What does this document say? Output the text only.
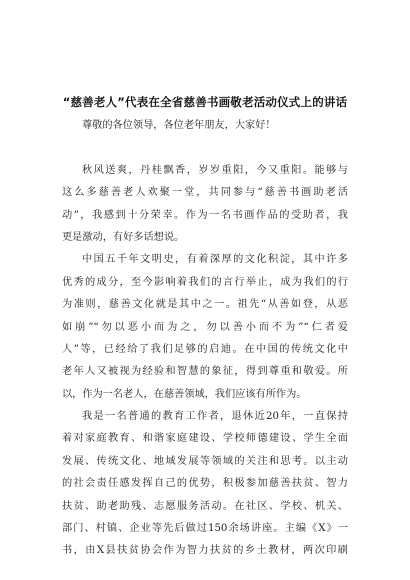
“慈善老人”代表在全省慈善书画敬老活动仪式上的讲话
尊敬的各位领导，各位老年朋友，大家好！
秋风送爽，丹桂飘香，岁岁重阳，今又重阳。能够与
这么多慈善老人欢聚一堂，共同参与“慈善书画助老活
动”，我感到十分荣幸。作为一名书画作品的受助者，我
更是激动，有好多话想说。
中国五千年文明史，有着深厚的文化积淀，其中许多
优秀的成分，至今影响着我们的言行举止，成为我们的行
为准则，慈善文化就是其中之一。祖先“从善如登，从恶
如崩”“勿以恶小而为之，勿以善小而不为”“仁者爱
人”等，已经给了我们足够的启迪。在中国的传统文化中
老年人又被视为经验和智慧的象征，得到尊重和敬爱。所
以，作为一名老人，在慈善领域，我们应该有所作为。
我是一名普通的教育工作者，退休近20年，一直保持
着对家庭教育、和谐家庭建设、学校师德建设、学生全面
发展、传统文化、地域发展等领域的关注和思考。以主动
的社会责任感发挥自己的优势，积极参加慈善扶贫、智力
扶贫、助老助残、志愿服务活动。在社区、学校、机关、
部门、村镇、企业等先后做过150余场讲座。主编《X》一
书，由X县扶贫协会作为智力扶贫的乡土教材，两次印刷
